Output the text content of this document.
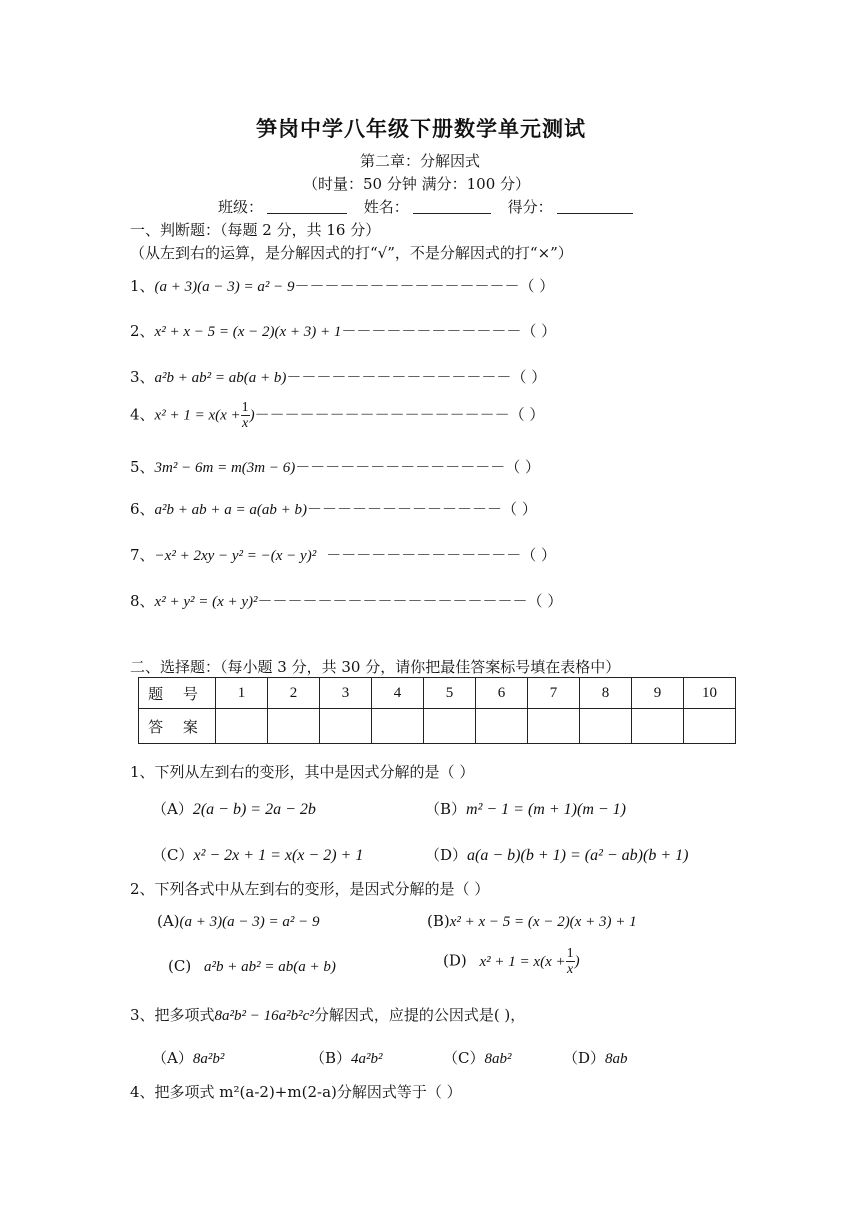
笋岗中学八年级下册数学单元测试
第二章：分解因式
（时量：50 分钟 满分：100 分）
班级：	姓名：	得分：
一、判断题：（每题 2 分，共 16 分）
（从左到右的运算，是分解因式的打“√”，不是分解因式的打“×”）
1、(a + 3)(a − 3) = a² − 9－－－－－－－－－－－－－－－（ ）
2、x² + x − 5 = (x − 2)(x + 3) + 1－－－－－－－－－－－－（ ）
3、a²b + ab² = ab(a + b)－－－－－－－－－－－－－－－（ ）
4、$x^2 + 1 = x(x + \frac{1}{x}$ )－－－－－－－－－－－－－－－－－（ ）
5、3m² − 6m = m(3m − 6)－－－－－－－－－－－－－－（ ）
6、a²b + ab + a = a(ab + b)－－－－－－－－－－－－－（ ）
7、−x² + 2xy − y² = −(x − y)² －－－－－－－－－－－－－（ ）
8、x² + y² = (x + y)²－－－－－－－－－－－－－－－－－－（ ）
二、选择题：（每小题 3 分，共 30 分，请你把最佳答案标号填在表格中）
题 号	1	2	3	4	5	6	7	8	9	10
答 案										
1、下列从左到右的变形，其中是因式分解的是（ ）
（A）2(a − b) = 2a − 2b	（B）m² − 1 = (m + 1)(m − 1)
（C）x² − 2x + 1 = x(x − 2) + 1	（D）a(a − b)(b + 1) = (a² − ab)(b + 1)
2、下列各式中从左到右的变形，是因式分解的是（ ）
(A)(a + 3)(a − 3) = a² − 9	(B)x² + x − 5 = (x − 2)(x + 3) + 1
(C) a²b + ab² = ab(a + b)	(D) $x^2 + 1 = x(x + \frac{1}{x}$ )
3、把多项式8a²b² − 16a²b²c²分解因式，应提的公因式是( )，
（A）8a²b²	（B）4a²b²	（C）8ab²	（D）8ab
4、把多项式 m²(a-2)+m(2-a)分解因式等于（ ）
